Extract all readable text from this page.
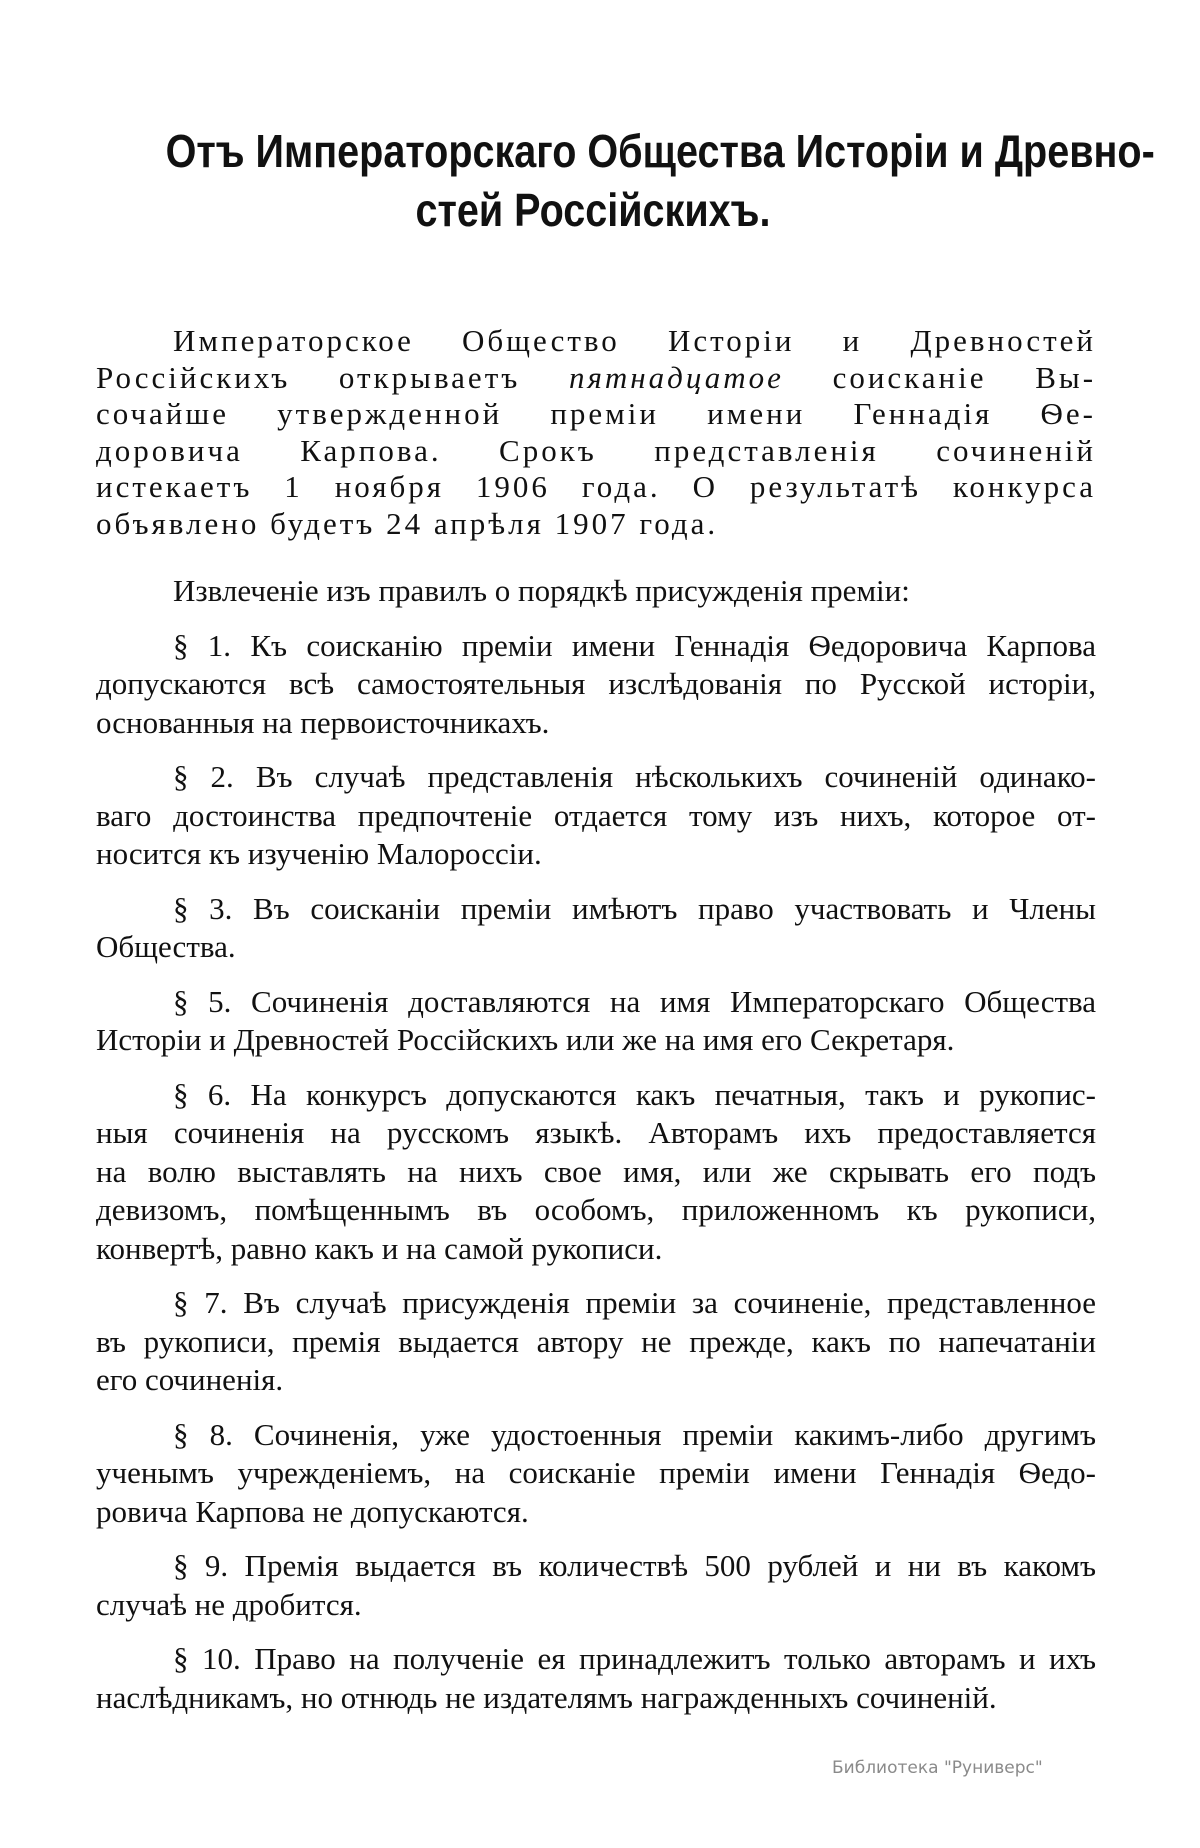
Отъ Императорскаго Общества Исторіи и Древно-
стей Россійскихъ.
Императорское Общество Исторіи и Древностей
Россійскихъ открываетъ пятнадцатое соисканіе Вы-
сочайше утвержденной преміи имени Геннадія Ѳе-
доровича Карпова. Срокъ представленія сочиненій
истекаетъ 1 ноября 1906 года. О результатѣ конкурса
объявлено будетъ 24 апрѣля 1907 года.
Извлеченіе изъ правилъ о порядкѣ присужденія преміи:
§ 1. Къ соисканію преміи имени Геннадія Ѳедоровича Карпова
допускаются всѣ самостоятельныя изслѣдованія по Русской исторіи,
основанныя на первоисточникахъ.
§ 2. Въ случаѣ представленія нѣсколькихъ сочиненій одинако-
ваго достоинства предпочтеніе отдается тому изъ нихъ, которое от-
носится къ изученію Малороссіи.
§ 3. Въ соисканіи преміи имѣютъ право участвовать и Члены
Общества.
§ 5. Сочиненія доставляются на имя Императорскаго Общества
Исторіи и Древностей Россійскихъ или же на имя его Секретаря.
§ 6. На конкурсъ допускаются какъ печатныя, такъ и рукопис-
ныя сочиненія на русскомъ языкѣ. Авторамъ ихъ предоставляется
на волю выставлять на нихъ свое имя, или же скрывать его подъ
девизомъ, помѣщеннымъ въ особомъ, приложенномъ къ рукописи,
конвертѣ, равно какъ и на самой рукописи.
§ 7. Въ случаѣ присужденія преміи за сочиненіе, представленное
въ рукописи, премія выдается автору не прежде, какъ по напечатаніи
его сочиненія.
§ 8. Сочиненія, уже удостоенныя преміи какимъ-либо другимъ
ученымъ учрежденіемъ, на соисканіе преміи имени Геннадія Ѳедо-
ровича Карпова не допускаются.
§ 9. Премія выдается въ количествѣ 500 рублей и ни въ какомъ
случаѣ не дробится.
§ 10. Право на полученіе ея принадлежитъ только авторамъ и ихъ
наслѣдникамъ, но отнюдь не издателямъ награжденныхъ сочиненій.
Библиотека "Руниверс"
